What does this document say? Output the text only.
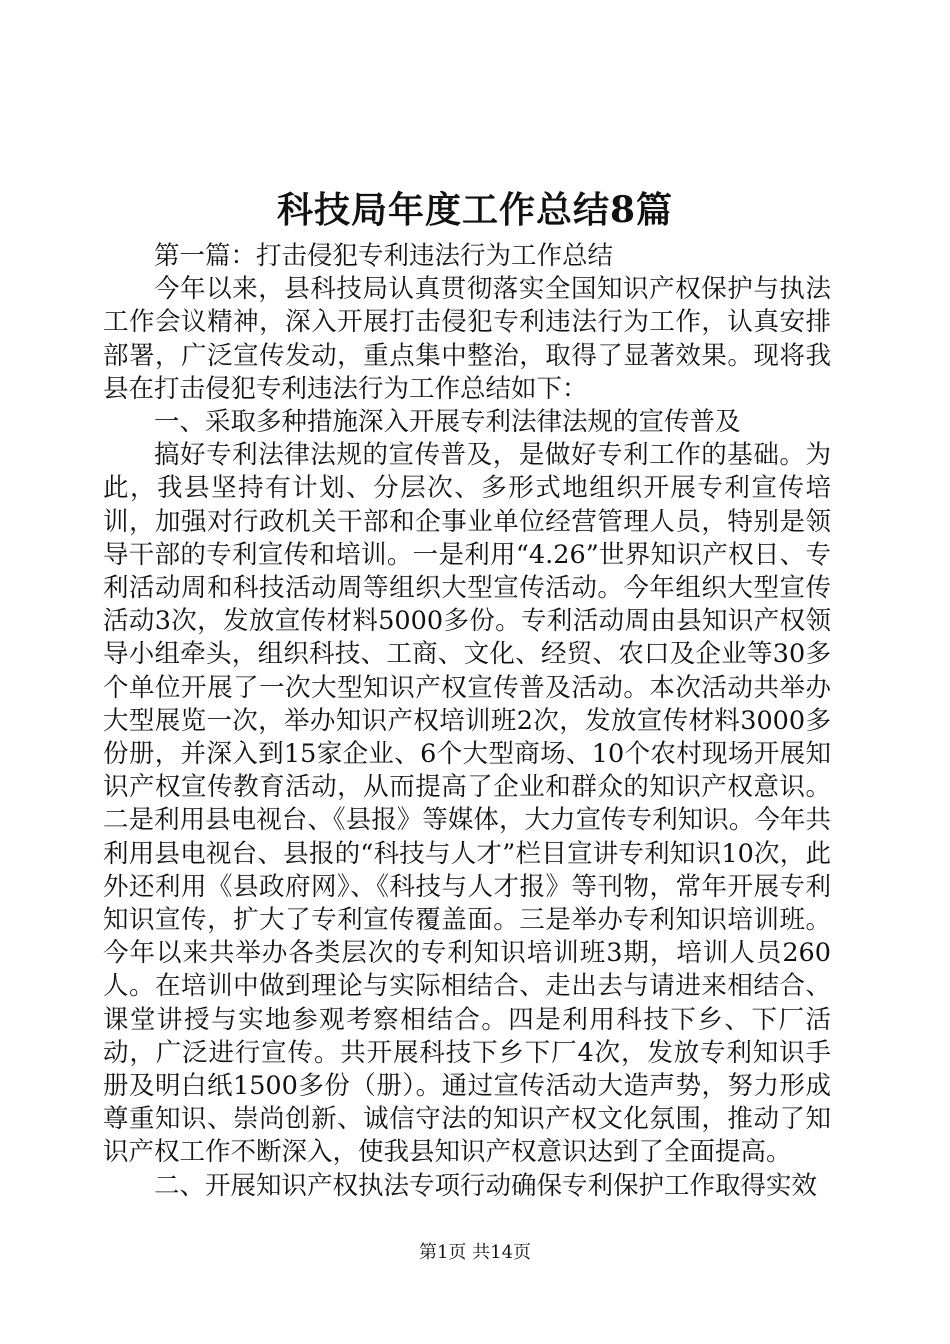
科技局年度工作总结8篇

第一篇：打击侵犯专利违法行为工作总结

今年以来，县科技局认真贯彻落实全国知识产权保护与执法工作会议精神，深入开展打击侵犯专利违法行为工作，认真安排部署，广泛宣传发动，重点集中整治，取得了显著效果。现将我县在打击侵犯专利违法行为工作总结如下：

一、采取多种措施深入开展专利法律法规的宣传普及

搞好专利法律法规的宣传普及，是做好专利工作的基础。为此，我县坚持有计划、分层次、多形式地组织开展专利宣传培训，加强对行政机关干部和企事业单位经营管理人员，特别是领导干部的专利宣传和培训。一是利用“4.26”世界知识产权日、专利活动周和科技活动周等组织大型宣传活动。今年组织大型宣传活动3次，发放宣传材料5000多份。专利活动周由县知识产权领导小组牵头，组织科技、工商、文化、经贸、农口及企业等30多个单位开展了一次大型知识产权宣传普及活动。本次活动共举办大型展览一次，举办知识产权培训班2次，发放宣传材料3000多份册，并深入到15家企业、6个大型商场、10个农村现场开展知识产权宣传教育活动，从而提高了企业和群众的知识产权意识。二是利用县电视台、《县报》等媒体，大力宣传专利知识。今年共利用县电视台、县报的“科技与人才”栏目宣讲专利知识10次，此外还利用《县政府网》、《科技与人才报》等刊物，常年开展专利知识宣传，扩大了专利宣传覆盖面。三是举办专利知识培训班。今年以来共举办各类层次的专利知识培训班3期，培训人员260人。在培训中做到理论与实际相结合、走出去与请进来相结合、课堂讲授与实地参观考察相结合。四是利用科技下乡、下厂活动，广泛进行宣传。共开展科技下乡下厂4次，发放专利知识手册及明白纸1500多份（册）。通过宣传活动大造声势，努力形成尊重知识、崇尚创新、诚信守法的知识产权文化氛围，推动了知识产权工作不断深入，使我县知识产权意识达到了全面提高。

二、开展知识产权执法专项行动确保专利保护工作取得实效

第1页 共14页
